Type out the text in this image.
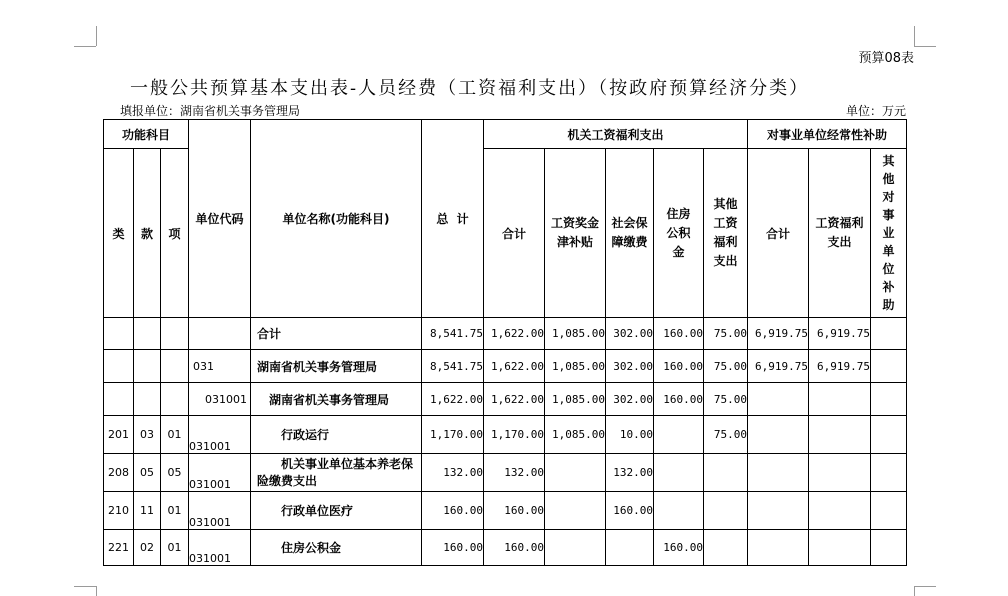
预算08表
一般公共预算基本支出表-人员经费（工资福利支出）（按政府预算经济分类）
填报单位：湖南省机关事务管理局	单位：万元
功能科目			单位代码	单位名称(功能科目)	总  计	机关工资福利支出					对事业单位经常性补助		
类	款	项				合计	工资奖金津补贴	社会保障缴费	住房公积金	其他工资福利支出	合计	工资福利支出	其他对事业单位补助
				合计	8,541.75	1,622.00	1,085.00	302.00	160.00	75.00	6,919.75	6,919.75	
			031	湖南省机关事务管理局	8,541.75	1,622.00	1,085.00	302.00	160.00	75.00	6,919.75	6,919.75	
			031001	湖南省机关事务管理局	1,622.00	1,622.00	1,085.00	302.00	160.00	75.00			
201	03	01	031001	行政运行	1,170.00	1,170.00	1,085.00	10.00		75.00			
208	05	05	031001	机关事业单位基本养老保险缴费支出	132.00	132.00		132.00					
210	11	01	031001	行政单位医疗	160.00	160.00		160.00					
221	02	01	031001	住房公积金	160.00	160.00			160.00				
